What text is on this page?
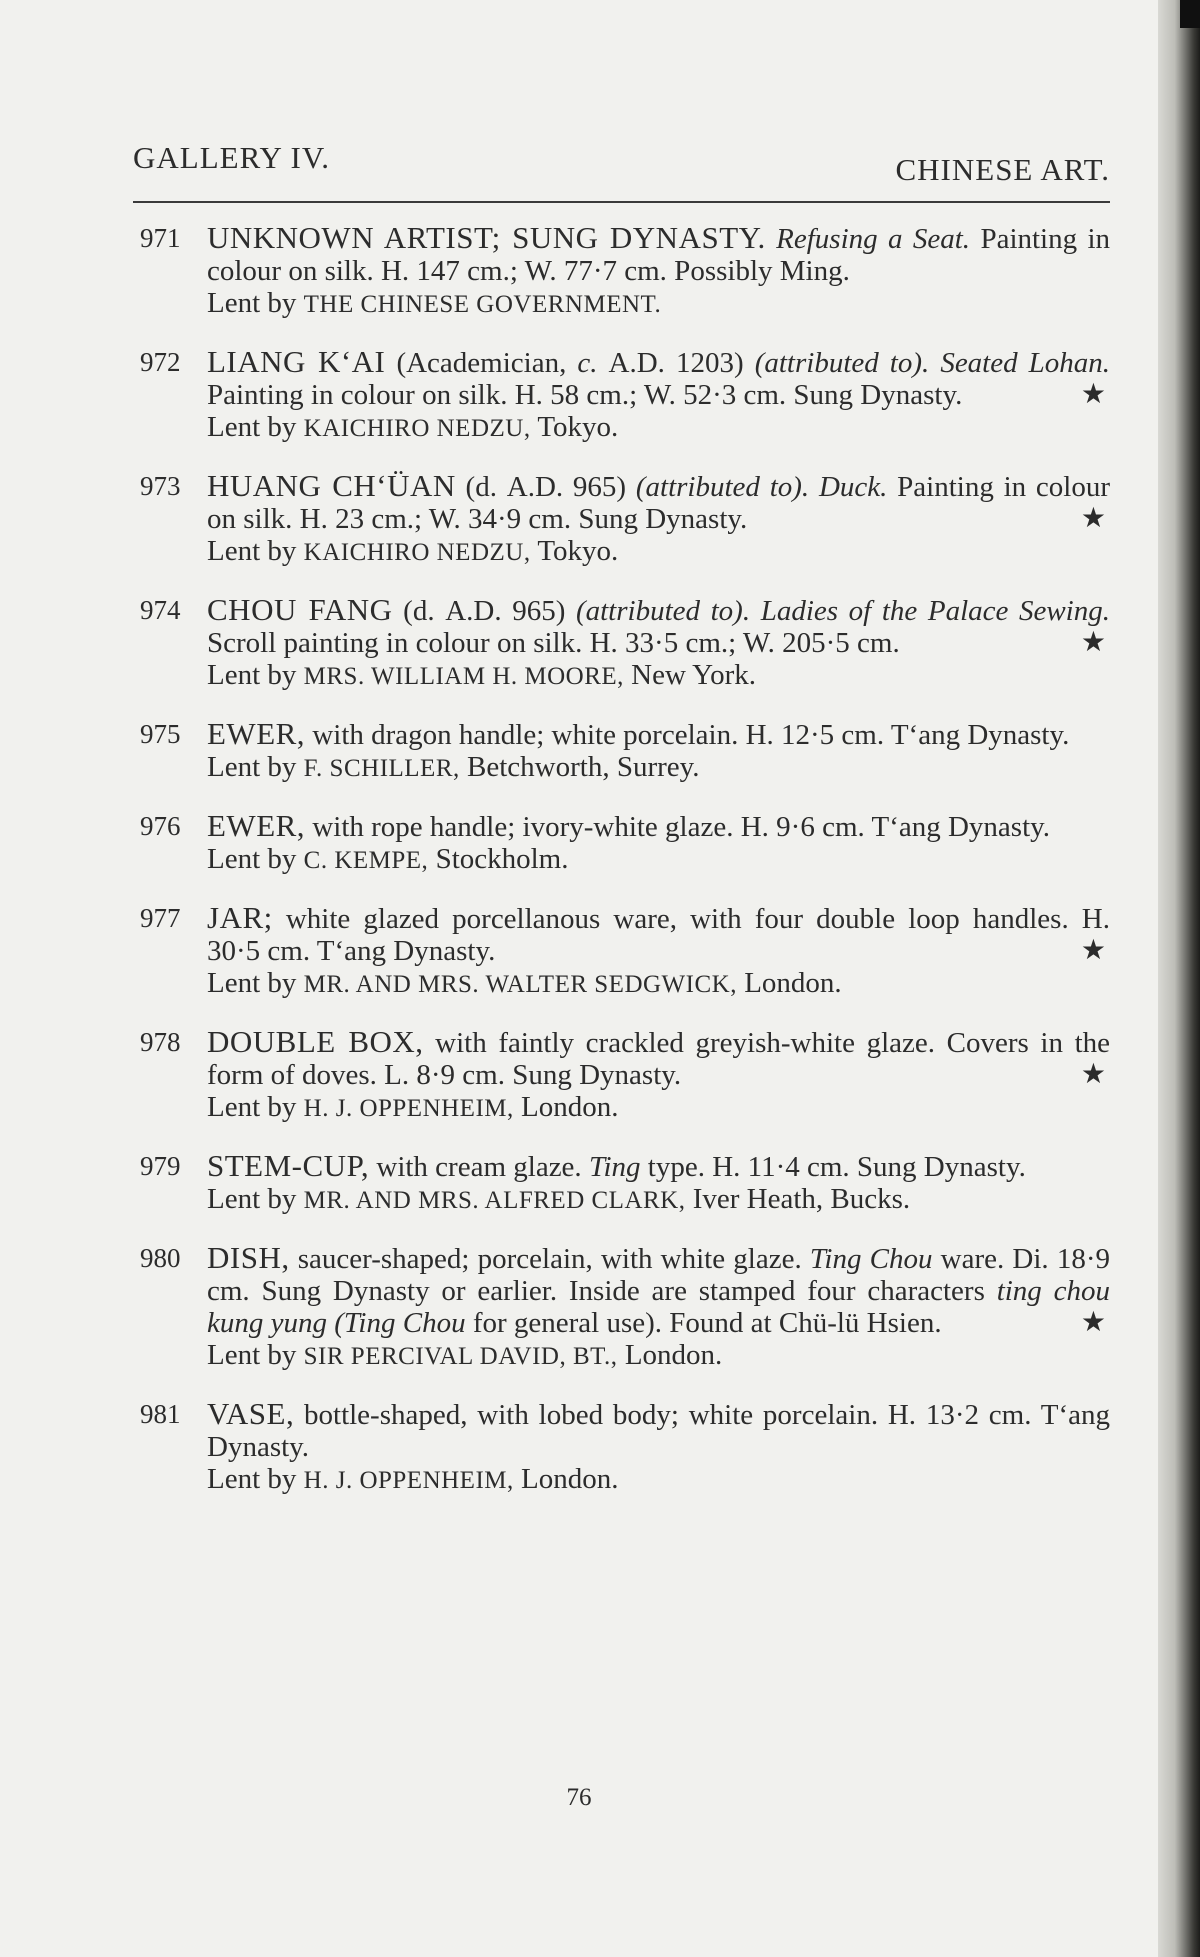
GALLERY IV.	CHINESE ART.
971 UNKNOWN ARTIST; SUNG DYNASTY. Refusing a Seat. Painting in colour on silk. H. 147 cm.; W. 77·7 cm. Possibly Ming.

Lent by THE CHINESE GOVERNMENT.

972 LIANG K‘AI (Academician, c. A.D. 1203) (attributed to). Seated Lohan. Painting in colour on silk. H. 58 cm.; W. 52·3 cm. Sung Dynasty.	★

Lent by KAICHIRO NEDZU, Tokyo.

973 HUANG CH‘ÜAN (d. A.D. 965) (attributed to). Duck. Painting in colour on silk. H. 23 cm.; W. 34·9 cm. Sung Dynasty.	★

Lent by KAICHIRO NEDZU, Tokyo.

974 CHOU FANG (d. A.D. 965) (attributed to). Ladies of the Palace Sewing. Scroll painting in colour on silk. H. 33·5 cm.; W. 205·5 cm.	★

Lent by MRS. WILLIAM H. MOORE, New York.

975 EWER, with dragon handle; white porcelain. H. 12·5 cm. T‘ang Dynasty.

Lent by F. SCHILLER, Betchworth, Surrey.

976 EWER, with rope handle; ivory-white glaze. H. 9·6 cm. T‘ang Dynasty.

Lent by C. KEMPE, Stockholm.

977 JAR; white glazed porcellanous ware, with four double loop handles. H. 30·5 cm. T‘ang Dynasty.	★

Lent by MR. AND MRS. WALTER SEDGWICK, London.

978 DOUBLE BOX, with faintly crackled greyish-white glaze. Covers in the form of doves. L. 8·9 cm. Sung Dynasty.	★

Lent by H. J. OPPENHEIM, London.

979 STEM-CUP, with cream glaze. Ting type. H. 11·4 cm. Sung Dynasty.

Lent by MR. AND MRS. ALFRED CLARK, Iver Heath, Bucks.

980 DISH, saucer-shaped; porcelain, with white glaze. Ting Chou ware. Di. 18·9 cm. Sung Dynasty or earlier. Inside are stamped four characters ting chou kung yung (Ting Chou for general use). Found at Chü-lü Hsien.	★

Lent by SIR PERCIVAL DAVID, BT., London.

981 VASE, bottle-shaped, with lobed body; white porcelain. H. 13·2 cm. T‘ang Dynasty.

Lent by H. J. OPPENHEIM, London.

76
